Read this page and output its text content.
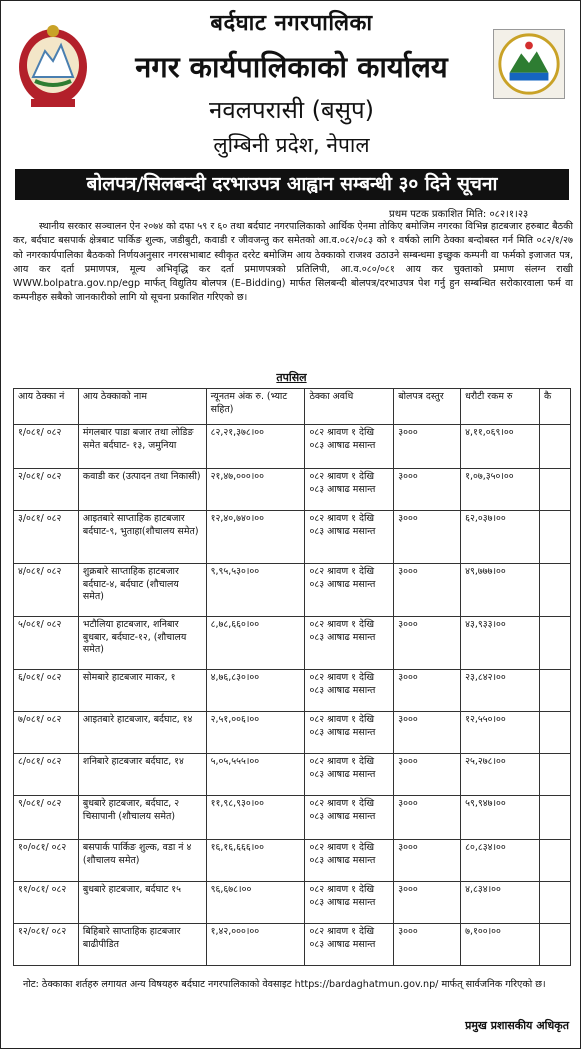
बर्दघाट नगरपालिका
नगर कार्यपालिकाको कार्यालय
नवलपरासी (बसुप)
लुम्बिनी प्रदेश, नेपाल
बोलपत्र/सिलबन्दी दरभाउपत्र आह्वान सम्बन्धी ३० दिने सूचना
प्रथम पटक प्रकाशित मिति: ०८२।१।२३
स्थानीय सरकार सञ्चालन ऐन २०७४ को दफा ५९ र ६० तथा बर्दघाट नगरपालिकाको आर्थिक ऐनमा तोकिए बमोजिम नगरका विभिन्न हाटबजार हरुबाट बैठकी कर, बर्दघाट बसपार्क क्षेत्रबाट पार्किङ शुल्क, जडीबुटी, कवाडी र जीवजन्तु कर समेतको आ.व.०८२/०८३ को १ वर्षको लागि ठेक्का बन्दोबस्त गर्न मिति ०८२/१/२७ को नगरकार्यपालिका बैठकको निर्णयअनुसार नगरसभाबाट स्वीकृत दररेट बमोजिम आय ठेक्काको राजश्व उठाउने सम्बन्धमा इच्छुक कम्पनी वा फर्मको इजाजत पत्र, आय कर दर्ता प्रमाणपत्र, मूल्य अभिवृद्धि कर दर्ता प्रमाणपत्रको प्रतिलिपी, आ.व.०८०/०८१ आय कर चुक्ताको प्रमाण संलग्न राखी WWW.bolpatra.gov.np/egp मार्फत् विद्युतिय बोलपत्र (E–Bidding) मार्फत सिलबन्दी बोलपत्र/दरभाउपत्र पेश गर्नु हुन सम्बन्धित सरोकारवाला फर्म वा कम्पनीहरु सबैको जानकारीको लागि यो सूचना प्रकाशित गरिएको छ।
तपसिल
आय ठेक्का नं	आय ठेक्काको नाम	न्यूनतम अंक रु. (भ्याट सहित)	ठेक्का अवधि	बोलपत्र दस्तुर	धरौटी रकम रु	कै
१/०८१/ ०८२	मंगलबार पाडा बजार तथा लोडिङ समेत बर्दघाट- १३, जमुनिया	८२,२१,३७८।००	०८२ श्रावण १ देखि ०८३ आषाढ मसान्त	३०००	४,११,०६९।००	
२/०८१/ ०८२	कवाडी कर (उत्पादन तथा निकासी)	२१,४७,०००।००	०८२ श्रावण १ देखि ०८३ आषाढ मसान्त	३०००	१,०७,३५०।००	
३/०८१/ ०८२	आइतबारे साप्ताहिक हाटबजार बर्दघाट-९, भुताहा(शौचालय समेत)	१२,४०,७४०।००	०८२ श्रावण १ देखि ०८३ आषाढ मसान्त	३०००	६२,०३७।००	
४/०८१/ ०८२	शुक्रबारे साप्ताहिक हाटबजार बर्दघाट-४, बर्दघाट (शौचालय समेत)	९,९५,५३०।००	०८२ श्रावण १ देखि ०८३ आषाढ मसान्त	३०००	४९,७७७।००	
५/०८१/ ०८२	भटौलिया हाटबजार, शनिबार बुधबार, बर्दघाट-१२, (शौचालय समेत)	८,७८,६६०।००	०८२ श्रावण १ देखि ०८३ आषाढ मसान्त	३०००	४३,९३३।००	
६/०८१/ ०८२	सोमबारे हाटबजार माकर, १	४,७६,८३०।००	०८२ श्रावण १ देखि ०८३ आषाढ मसान्त	३०००	२३,८४२।००	
७/०८१/ ०८२	आइतबारे हाटबजार, बर्दघाट, १४	२,५१,००६।००	०८२ श्रावण १ देखि ०८३ आषाढ मसान्त	३०००	१२,५५०।००	
८/०८१/ ०८२	शनिबारे हाटबजार बर्दघाट, १४	५,०५,५५५।००	०८२ श्रावण १ देखि ०८३ आषाढ मसान्त	३०००	२५,२७८।००	
९/०८१/ ०८२	बुधबारे हाटबजार, बर्दघाट, २ चिसापानी (शौचालय समेत)	११,९८,९३०।००	०८२ श्रावण १ देखि ०८३ आषाढ मसान्त	३०००	५९,९४७।००	
१०/०८१/ ०८२	बसपार्क पार्किङ शुल्क, वडा नं ४ (शौचालय समेत)	१६,१६,६६६।००	०८२ श्रावण १ देखि ०८३ आषाढ मसान्त	३०००	८०,८३४।००	
११/०८१/ ०८२	बुधबारे हाटबजार, बर्दघाट १५	९६,६७८।००	०८२ श्रावण १ देखि ०८३ आषाढ मसान्त	३०००	४,८३४।००	
१२/०८१/ ०८२	बिहिबारे साप्ताहिक हाटबजार बाढीपीडित	१,४२,०००।००	०८२ श्रावण १ देखि ०८३ आषाढ मसान्त	३०००	७,१००।००	
नोट: ठेक्काका शर्तहरु लगायत अन्य विषयहरु बर्दघाट नगरपालिकाको वेवसाइट https://bardaghatmun.gov.np/ मार्फत् सार्वजनिक गरिएको छ।
प्रमुख प्रशासकीय अधिकृत
